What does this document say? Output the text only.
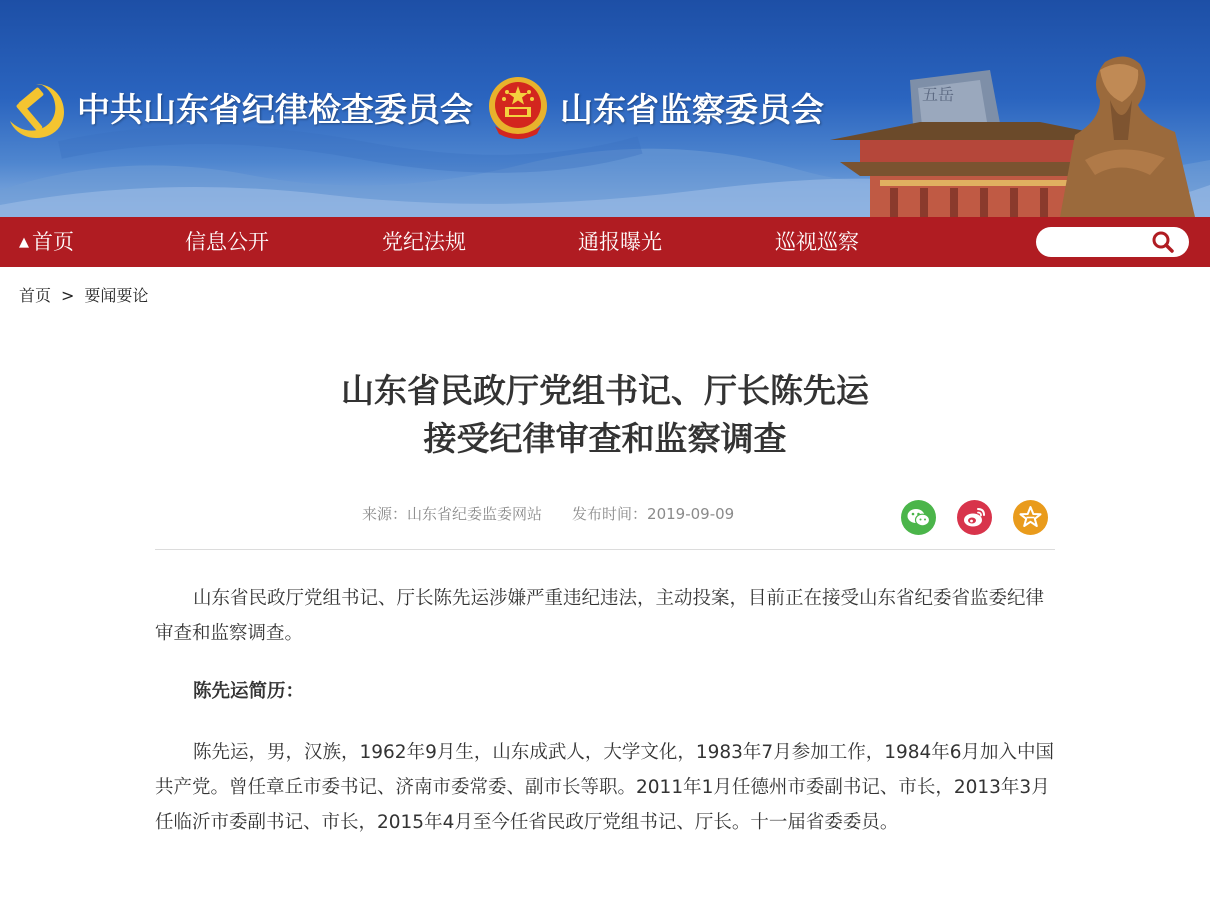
中共山东省纪律检查委员会	山东省监察委员会	五岳
▲ 首页	信息公开	党纪法规	通报曝光	巡视巡察
首页 > 要闻要论
山东省民政厅党组书记、厅长陈先运
接受纪律审查和监察调查
来源：山东省纪委监委网站 发布时间：2019-09-09

山东省民政厅党组书记、厅长陈先运涉嫌严重违纪违法，主动投案，目前正在接受山东省纪委省监委纪律审查和监察调查。

陈先运简历：

陈先运，男，汉族，1962年9月生，山东成武人，大学文化，1983年7月参加工作，1984年6月加入中国共产党。曾任章丘市委书记、济南市委常委、副市长等职。2011年1月任德州市委副书记、市长，2013年3月任临沂市委副书记、市长，2015年4月至今任省民政厅党组书记、厅长。十一届省委委员。
